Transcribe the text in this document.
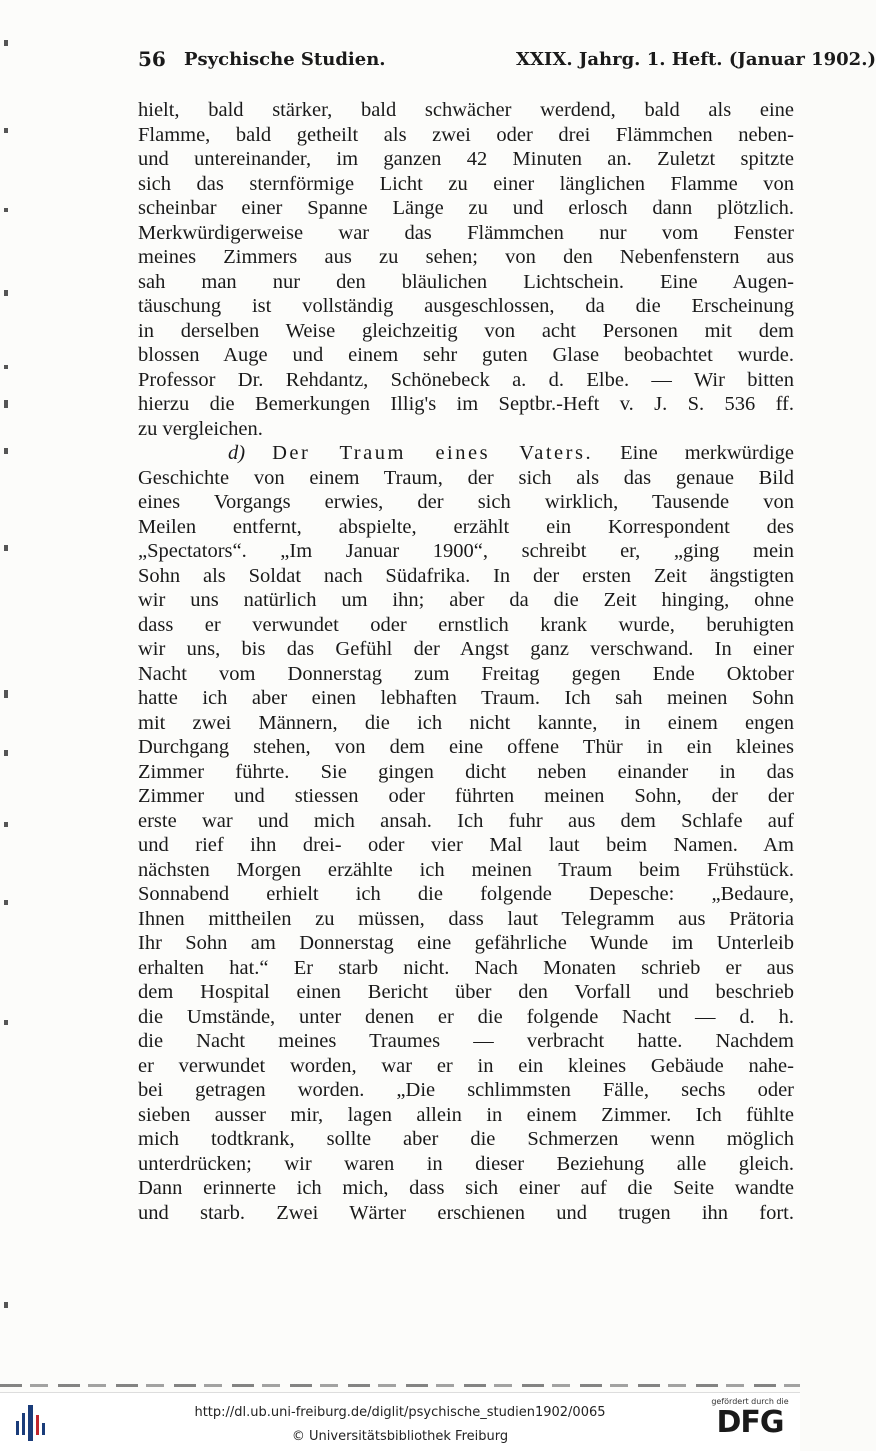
56 Psychische Studien.	XXIX. Jahrg. 1. Heft. (Januar 1902.)
hielt, bald stärker, bald schwächer werdend, bald als eine
Flamme, bald getheilt als zwei oder drei Flämmchen neben-
und untereinander, im ganzen 42 Minuten an. Zuletzt spitzte
sich das sternförmige Licht zu einer länglichen Flamme von
scheinbar einer Spanne Länge zu und erlosch dann plötzlich.
Merkwürdigerweise war das Flämmchen nur vom Fenster
meines Zimmers aus zu sehen; von den Nebenfenstern aus
sah man nur den bläulichen Lichtschein. Eine Augen-
täuschung ist vollständig ausgeschlossen, da die Erscheinung
in derselben Weise gleichzeitig von acht Personen mit dem
blossen Auge und einem sehr guten Glase beobachtet wurde.
Professor Dr. Rehdantz, Schönebeck a. d. Elbe. — Wir bitten
hierzu die Bemerkungen Illig's im Septbr.-Heft v. J. S. 536 ff.
zu vergleichen.
d) Der Traum eines Vaters. Eine merkwürdige
Geschichte von einem Traum, der sich als das genaue Bild
eines Vorgangs erwies, der sich wirklich, Tausende von
Meilen entfernt, abspielte, erzählt ein Korrespondent des
„Spectators“. „Im Januar 1900“, schreibt er, „ging mein
Sohn als Soldat nach Südafrika. In der ersten Zeit ängstigten
wir uns natürlich um ihn; aber da die Zeit hinging, ohne
dass er verwundet oder ernstlich krank wurde, beruhigten
wir uns, bis das Gefühl der Angst ganz verschwand. In einer
Nacht vom Donnerstag zum Freitag gegen Ende Oktober
hatte ich aber einen lebhaften Traum. Ich sah meinen Sohn
mit zwei Männern, die ich nicht kannte, in einem engen
Durchgang stehen, von dem eine offene Thür in ein kleines
Zimmer führte. Sie gingen dicht neben einander in das
Zimmer und stiessen oder führten meinen Sohn, der der
erste war und mich ansah. Ich fuhr aus dem Schlafe auf
und rief ihn drei- oder vier Mal laut beim Namen. Am
nächsten Morgen erzählte ich meinen Traum beim Frühstück.
Sonnabend erhielt ich die folgende Depesche: „Bedaure,
Ihnen mittheilen zu müssen, dass laut Telegramm aus Prätoria
Ihr Sohn am Donnerstag eine gefährliche Wunde im Unterleib
erhalten hat.“ Er starb nicht. Nach Monaten schrieb er aus
dem Hospital einen Bericht über den Vorfall und beschrieb
die Umstände, unter denen er die folgende Nacht — d. h.
die Nacht meines Traumes — verbracht hatte. Nachdem
er verwundet worden, war er in ein kleines Gebäude nahe-
bei getragen worden. „Die schlimmsten Fälle, sechs oder
sieben ausser mir, lagen allein in einem Zimmer. Ich fühlte
mich todtkrank, sollte aber die Schmerzen wenn möglich
unterdrücken; wir waren in dieser Beziehung alle gleich.
Dann erinnerte ich mich, dass sich einer auf die Seite wandte
und starb. Zwei Wärter erschienen und trugen ihn fort.
http://dl.ub.uni-freiburg.de/diglit/psychische_studien1902/0065
© Universitätsbibliothek Freiburg
gefördert durch die
DFG
